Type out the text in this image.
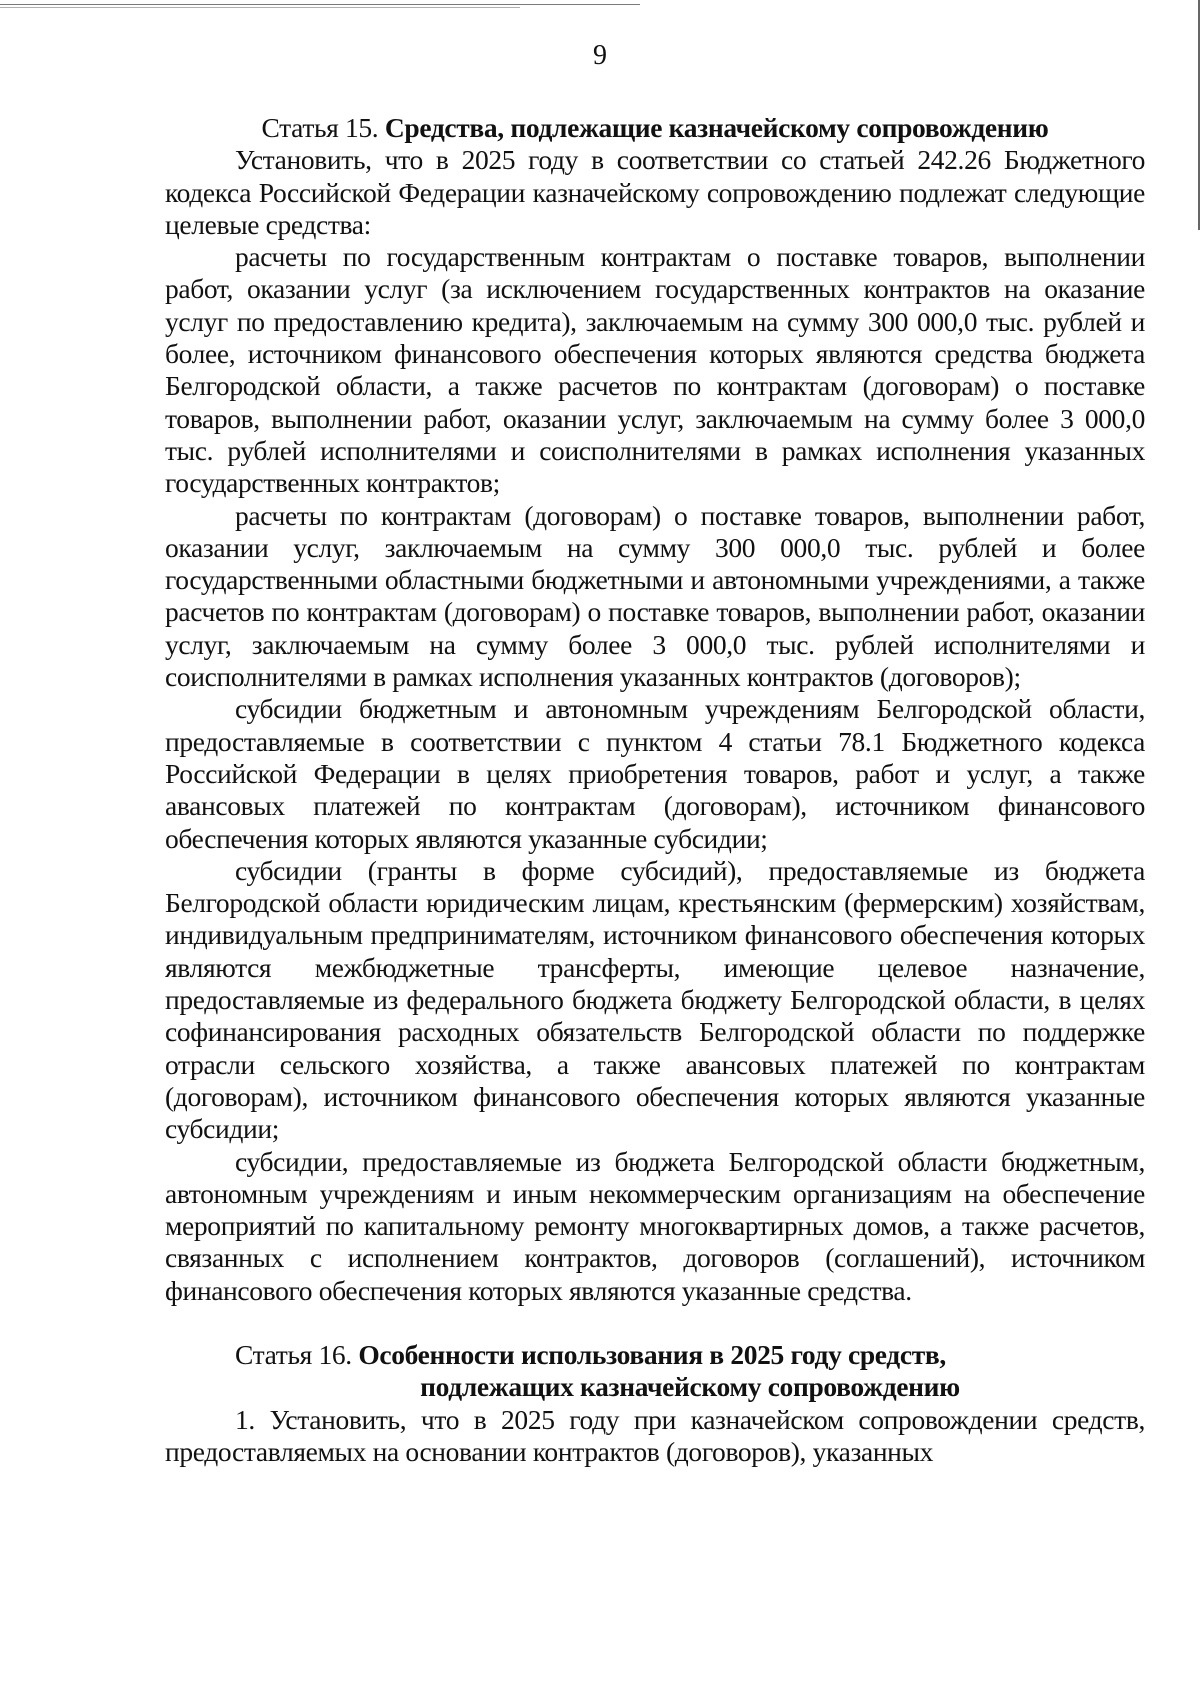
9

Статья 15. Средства, подлежащие казначейскому сопровождению

Установить, что в 2025 году в соответствии со статьей 242.26 Бюджетного кодекса Российской Федерации казначейскому сопровождению подлежат следующие целевые средства:

расчеты по государственным контрактам о поставке товаров, выполнении работ, оказании услуг (за исключением государственных контрактов на оказание услуг по предоставлению кредита), заключаемым на сумму 300 000,0 тыс. рублей и более, источником финансового обеспечения которых являются средства бюджета Белгородской области, а также расчетов по контрактам (договорам) о поставке товаров, выполнении работ, оказании услуг, заключаемым на сумму более 3 000,0 тыс. рублей исполнителями и соисполнителями в рамках исполнения указанных государственных контрактов;

расчеты по контрактам (договорам) о поставке товаров, выполнении работ, оказании услуг, заключаемым на сумму 300 000,0 тыс. рублей и более государственными областными бюджетными и автономными учреждениями, а также расчетов по контрактам (договорам) о поставке товаров, выполнении работ, оказании услуг, заключаемым на сумму более 3 000,0 тыс. рублей исполнителями и соисполнителями в рамках исполнения указанных контрактов (договоров);

субсидии бюджетным и автономным учреждениям Белгородской области, предоставляемые в соответствии с пунктом 4 статьи 78.1 Бюджетного кодекса Российской Федерации в целях приобретения товаров, работ и услуг, а также авансовых платежей по контрактам (договорам), источником финансового обеспечения которых являются указанные субсидии;

субсидии (гранты в форме субсидий), предоставляемые из бюджета Белгородской области юридическим лицам, крестьянским (фермерским) хозяйствам, индивидуальным предпринимателям, источником финансового обеспечения которых являются межбюджетные трансферты, имеющие целевое назначение, предоставляемые из федерального бюджета бюджету Белгородской области, в целях софинансирования расходных обязательств Белгородской области по поддержке отрасли сельского хозяйства, а также авансовых платежей по контрактам (договорам), источником финансового обеспечения которых являются указанные субсидии;

субсидии, предоставляемые из бюджета Белгородской области бюджетным, автономным учреждениям и иным некоммерческим организациям на обеспечение мероприятий по капитальному ремонту многоквартирных домов, а также расчетов, связанных с исполнением контрактов, договоров (соглашений), источником финансового обеспечения которых являются указанные средства.

Статья 16. Особенности использования в 2025 году средств,
подлежащих казначейскому сопровождению

1. Установить, что в 2025 году при казначейском сопровождении средств, предоставляемых на основании контрактов (договоров), указанных
